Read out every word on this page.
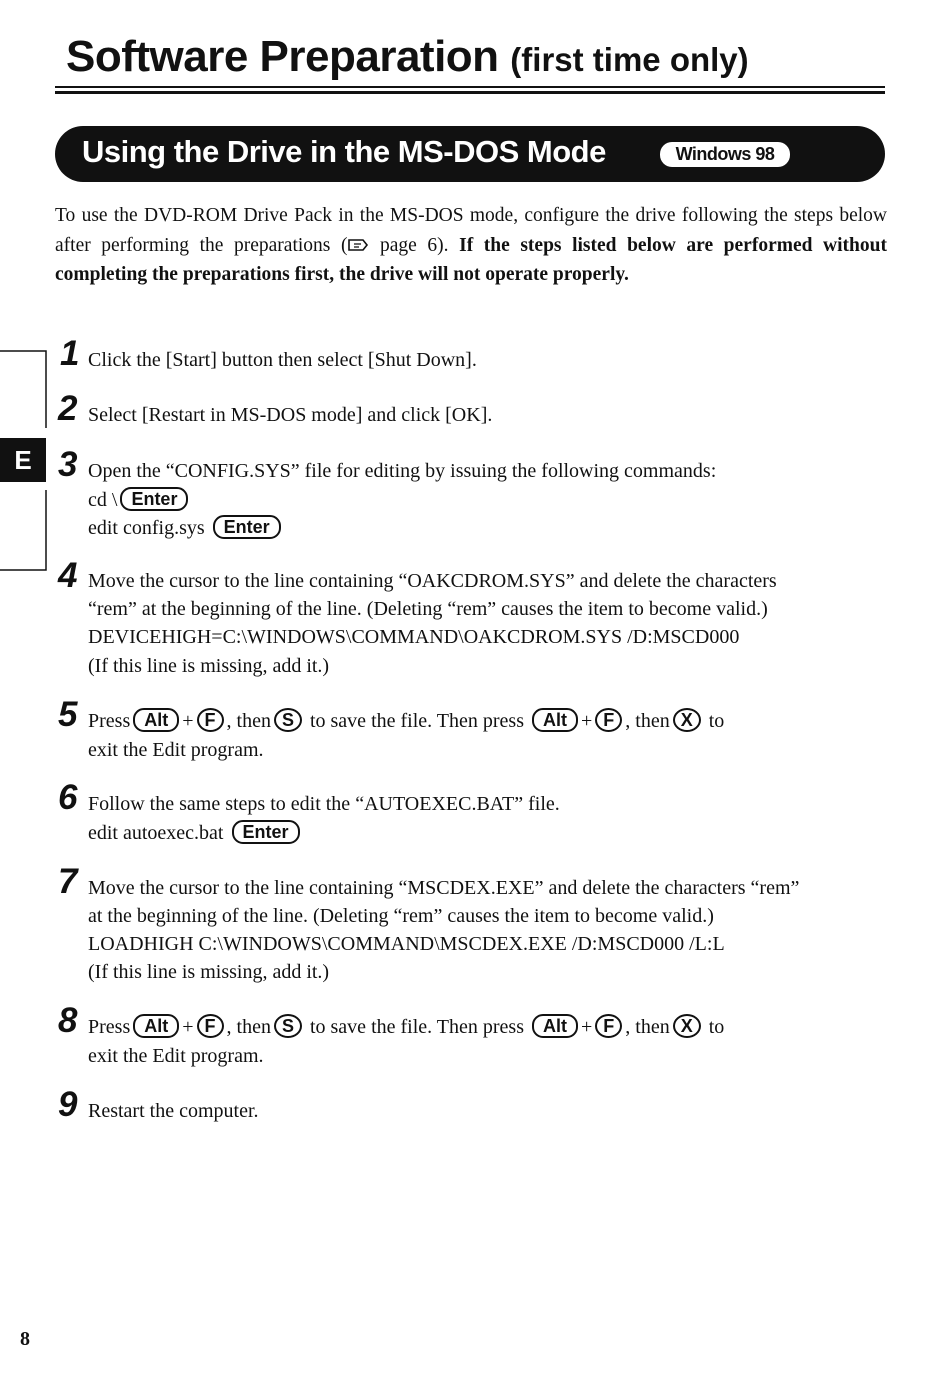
Software Preparation (first time only)
Using the Drive in the MS-DOS Mode	Windows 98
To use the DVD-ROM Drive Pack in the MS-DOS mode, configure the drive following the steps below after performing the preparations ( page 6). If the steps listed below are performed without completing the preparations first, the drive will not operate properly.
E
1 Click the [Start] button then select [Shut Down].
2 Select [Restart in MS-DOS mode] and click [OK].
3 Open the “CONFIG.SYS” file for editing by issuing the following commands:
cd \ Enter
edit config.sys Enter
4 Move the cursor to the line containing “OAKCDROM.SYS” and delete the characters
“rem” at the beginning of the line. (Deleting “rem” causes the item to become valid.)
DEVICEHIGH=C:\WINDOWS\COMMAND\OAKCDROM.SYS /D:MSCD000
(If this line is missing, add it.)
5 Press Alt + F , then S to save the file. Then press Alt + F , then X to
exit the Edit program.
6 Follow the same steps to edit the “AUTOEXEC.BAT” file.
edit autoexec.bat Enter
7 Move the cursor to the line containing “MSCDEX.EXE” and delete the characters “rem”
at the beginning of the line. (Deleting “rem” causes the item to become valid.)
LOADHIGH C:\WINDOWS\COMMAND\MSCDEX.EXE /D:MSCD000 /L:L
(If this line is missing, add it.)
8 Press Alt + F , then S to save the file. Then press Alt + F , then X to
exit the Edit program.
9 Restart the computer.
8
